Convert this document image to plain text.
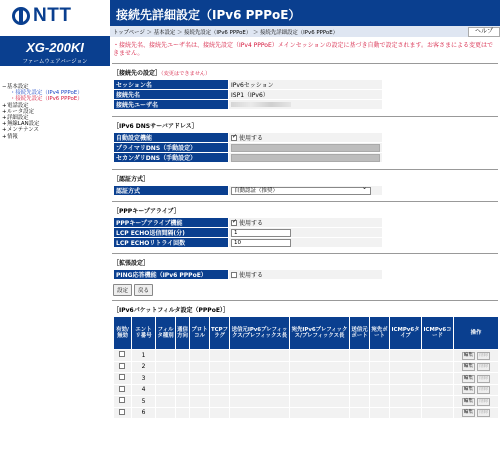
NTT
XG-200KI
ファームウェアバージョン
−基本設定
・接続先設定（IPv4 PPPoE）
・接続先設定（IPv6 PPPoE）
+電話設定
+ルータ設定
+詳細設定
+無線LAN設定
+メンテナンス
+情報
接続先詳細設定（IPv6 PPPoE）
トップページ ＞ 基本設定 ＞ 接続先設定（IPv6 PPPoE） ＞ 接続先詳細設定（IPv6 PPPoE）	ヘルプ
・接続先名、接続先ユーザ名は、接続先設定（IPv4 PPPoE）メインセッションの設定に基づき自動で設定されます。お客さまによる変更はできません。
［接続先の設定］（変更はできません）
セッション名	IPv6セッション
接続先名	ISP1（IPv6）
接続先ユーザ名	
［IPv6 DNSサーバアドレス］
自動設定機能	✓使用する
プライマリDNS（手動設定）	

セカンダリDNS（手動設定）	
［認証方式］
認証方式	自動認証（推奨） ⌄
［PPPキープアライブ］
PPPキープアライブ機能	✓使用する
LCP ECHO送信間隔(分)	1
LCP ECHOリトライ回数	10
［拡張設定］
PING応答機能（IPv6 PPPoE）	使用する
設定 戻る
［IPv6パケットフィルタ設定（PPPoE）］
有効/無効	エントリ番号	フィルタ種別	通信方向	プロトコル	TCPフラグ	送信元IPv6プレフィックス/プレフィックス長	宛先IPv6プレフィックス/プレフィックス長	送信元ポート	宛先ポート	ICMPv6タイプ	ICMPv6コード	操作
	1											編集 削除
	2											編集 削除
	3											編集 削除
	4											編集 削除
	5											編集 削除
	6											編集 削除
